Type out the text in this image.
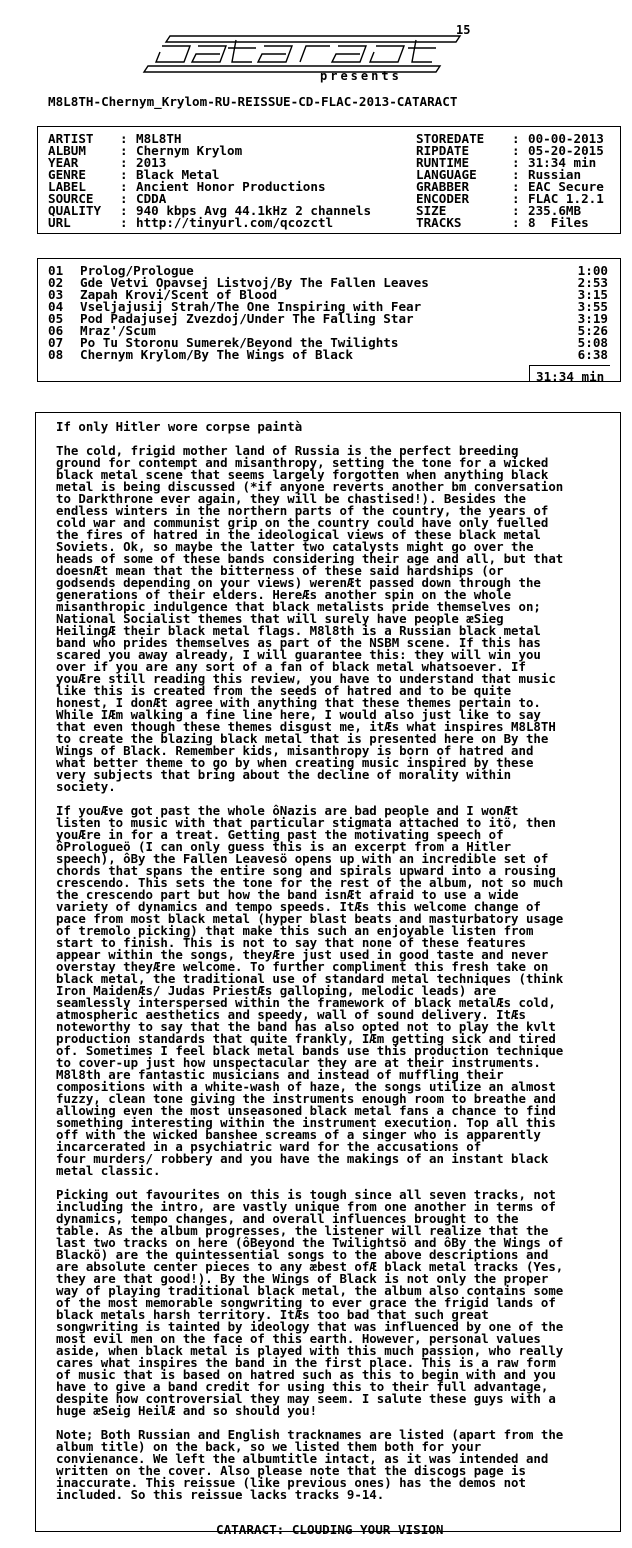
15
presents
M8L8TH-Chernym_Krylom-RU-REISSUE-CD-FLAC-2013-CATARACT
ARTIST : M8L8TH	STOREDATE : 00-00-2013
ALBUM	: Chernym Krylom	RIPDATE	: 05-20-2015
YEAR	: 2013	RUNTIME	: 31:34 min
GENRE	: Black Metal	LANGUAGE	: Russian
LABEL	: Ancient Honor Productions	GRABBER	: EAC Secure
SOURCE : CDDA	ENCODER	: FLAC 1.2.1
QUALITY : 940 kbps Avg 44.1kHz 2 channels	SIZE	: 235.6MB
URL	: http://tinyurl.com/qcozctl	TRACKS	: 8  Files
01 Prolog/Prologue	1:00
02 Gde Vetvi Opavsej Listvoj/By The Fallen Leaves	2:53
03 Zapah Krovi/Scent of Blood	3:15
04 Vseljajusij Strah/The One Inspiring with Fear	3:55
05 Pod Padajusej Zvezdoj/Under The Falling Star	3:19
06 Mraz'/Scum	5:26
07 Po Tu Storonu Sumerek/Beyond the Twilights	5:08
08 Chernym Krylom/By The Wings of Black	6:38
31:34 min

If only Hitler wore corpse paintà

The cold, frigid mother land of Russia is the perfect breeding
ground for contempt and misanthropy, setting the tone for a wicked
black metal scene that seems largely forgotten when anything black
metal is being discussed (*if anyone reverts another bm conversation
to Darkthrone ever again, they will be chastised!). Besides the
endless winters in the northern parts of the country, the years of
cold war and communist grip on the country could have only fuelled
the fires of hatred in the ideological views of these black metal
Soviets. Ok, so maybe the latter two catalysts might go over the
heads of some of these bands considering their age and all, but that
doesnÆt mean that the bitterness of these said hardships (or
godsends depending on your views) werenÆt passed down through the
generations of their elders. HereÆs another spin on the whole
misanthropic indulgence that black metalists pride themselves on;
National Socialist themes that will surely have people æSieg
HeilingÆ their black metal flags. M8l8th is a Russian black metal
band who prides themselves as part of the NSBM scene. If this has
scared you away already, I will guarantee this: they will win you
over if you are any sort of a fan of black metal whatsoever. If
youÆre still reading this review, you have to understand that music
like this is created from the seeds of hatred and to be quite
honest, I donÆt agree with anything that these themes pertain to.
While IÆm walking a fine line here, I would also just like to say
that even though these themes disgust me, itÆs what inspires M8L8TH
to create the blazing black metal that is presented here on By the
Wings of Black. Remember kids, misanthropy is born of hatred and
what better theme to go by when creating music inspired by these
very subjects that bring about the decline of morality within
society.

If youÆve got past the whole ôNazis are bad people and I wonÆt
listen to music with that particular stigmata attached to itö, then
youÆre in for a treat. Getting past the motivating speech of
ôPrologueö (I can only guess this is an excerpt from a Hitler
speech), ôBy the Fallen Leavesö opens up with an incredible set of
chords that spans the entire song and spirals upward into a rousing
crescendo. This sets the tone for the rest of the album, not so much
the crescendo part but how the band isnÆt afraid to use a wide
variety of dynamics and tempo speeds. ItÆs this welcome change of
pace from most black metal (hyper blast beats and masturbatory usage
of tremolo picking) that make this such an enjoyable listen from
start to finish. This is not to say that none of these features
appear within the songs, theyÆre just used in good taste and never
overstay theyÆre welcome. To further compliment this fresh take on
black metal, the traditional use of standard metal techniques (think
Iron MaidenÆs/ Judas PriestÆs galloping, melodic leads) are
seamlessly interspersed within the framework of black metalÆs cold,
atmospheric aesthetics and speedy, wall of sound delivery. ItÆs
noteworthy to say that the band has also opted not to play the kvlt
production standards that quite frankly, IÆm getting sick and tired
of. Sometimes I feel black metal bands use this production technique
to cover-up just how unspectacular they are at their instruments.
M8l8th are fantastic musicians and instead of muffling their
compositions with a white-wash of haze, the songs utilize an almost
fuzzy, clean tone giving the instruments enough room to breathe and
allowing even the most unseasoned black metal fans a chance to find
something interesting within the instrument execution. Top all this
off with the wicked banshee screams of a singer who is apparently
incarcerated in a psychiatric ward for the accusations of
four murders/ robbery and you have the makings of an instant black
metal classic.

Picking out favourites on this is tough since all seven tracks, not
including the intro, are vastly unique from one another in terms of
dynamics, tempo changes, and overall influences brought to the
table. As the album progresses, the listener will realize that the
last two tracks on here (ôBeyond the Twilightsö and ôBy the Wings of
Blackö) are the quintessential songs to the above descriptions and
are absolute center pieces to any æbest ofÆ black metal tracks (Yes,
they are that good!). By the Wings of Black is not only the proper
way of playing traditional black metal, the album also contains some
of the most memorable songwriting to ever grace the frigid lands of
black metals harsh territory. ItÆs too bad that such great
songwriting is tainted by ideology that was influenced by one of the
most evil men on the face of this earth. However, personal values
aside, when black metal is played with this much passion, who really
cares what inspires the band in the first place. This is a raw form
of music that is based on hatred such as this to begin with and you
have to give a band credit for using this to their full advantage,
despite how controversial they may seem. I salute these guys with a
huge æSeig HeilÆ and so should you!

Note; Both Russian and English tracknames are listed (apart from the
album title) on the back, so we listed them both for your
convienance. We left the albumtitle intact, as it was intended and
written on the cover. Also please note that the discogs page is
inaccurate. This reissue (like previous ones) has the demos not
included. So this reissue lacks tracks 9-14.

CATARACT: CLOUDING YOUR VISION
